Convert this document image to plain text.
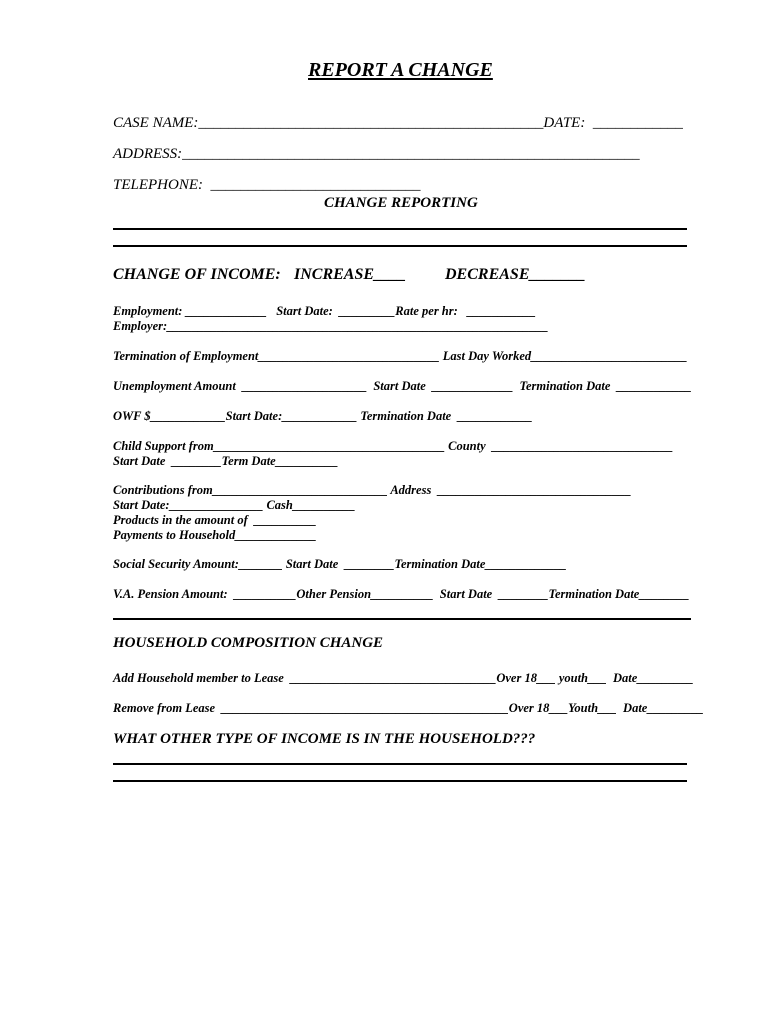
REPORT A CHANGE
CASE NAME:______________________________________________DATE:  ____________
ADDRESS:_____________________________________________________________
TELEPHONE:  ____________________________
CHANGE REPORTING
CHANGE OF INCOME: INCREASE____ DECREASE_______
Employment: _____________   Start Date:  _________Rate per hr:   ___________
Employer:_____________________________________________________________
Termination of Employment_____________________________ Last Day Worked_________________________
Unemployment Amount  ____________________  Start Date  _____________  Termination Date  ____________
OWF $____________Start Date:____________ Termination Date  ____________
Child Support from_____________________________________ County  _____________________________
Start Date  ________Term Date__________
Contributions from____________________________ Address  _______________________________
Start Date:_______________ Cash__________
Products in the amount of  __________
Payments to Household_____________
Social Security Amount:_______ Start Date  ________Termination Date_____________
V.A. Pension Amount:  __________Other Pension__________  Start Date  ________Termination Date________
HOUSEHOLD COMPOSITION CHANGE
Add Household member to Lease  _________________________________Over 18___ youth___  Date_________
Remove from Lease  ______________________________________________Over 18___Youth___  Date_________
WHAT OTHER TYPE OF INCOME IS IN THE HOUSEHOLD???
